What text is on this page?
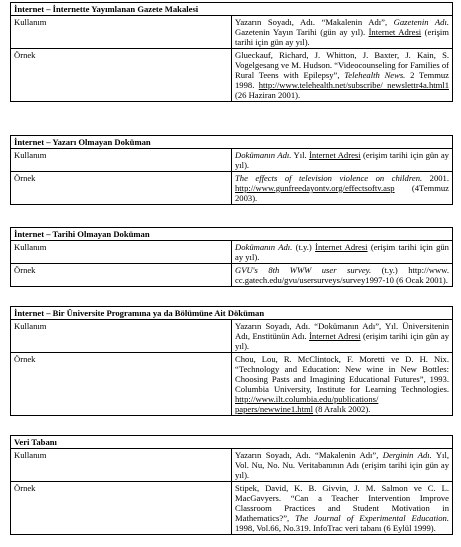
İnternet – İnternette Yayımlanan Gazete Makalesi	
Kullanım	Yazarın Soyadı, Adı. “Makalenin Adı”, Gazetenin Adı. Gazetenin Yayın Tarihi (gün ay yıl). İnternet Adresi (erişim tarihi için gün ay yıl).
Örnek	Glueckauf, Richard, J. Whitton, J. Baxter, J. Kain, S. Vogelgesang ve M. Hudson. “Videocounseling for Families of Rural Teens with Epilepsy”, Telehealth News. 2 Temmuz 1998. http://www.telehealth.net/subscribe/ newslettr4a.html1 (26 Haziran 2001).
İnternet – Yazarı Olmayan Doküman	
Kullanım	Dokümanın Adı. Yıl. İnternet Adresi (erişim tarihi için gün ay yıl).
Örnek	The effects of television violence on children. 2001. http://www.gunfreedayontv.org/effectsoftv.asp (4Temmuz 2003).
İnternet – Tarihi Olmayan Doküman	
Kullanım	Dokümanın Adı. (t.y.) İnternet Adresi (erişim tarihi için gün ay yıl).
Örnek	GVU's 8th WWW user survey. (t.y.) http://www. cc.gatech.edu/gvu/usersurveys/survey1997-10 (6 Ocak 2001).
İnternet – Bir Üniversite Programına ya da Bölümüne Ait Döküman	
Kullanım	Yazarın Soyadı, Adı. “Dokümanın Adı”, Yıl. Üniversitenin Adı, Enstitünün Adı. İnternet Adresi (erişim tarihi için gün ay yıl).
Örnek	Chou, Lou, R. McClintock, F. Moretti ve D. H. Nix. “Technology and Education: New wine in New Bottles: Choosing Pasts and Imagining Educational Futures”, 1993. Columbia University, Institute for Learning Technologies. http://www.ilt.columbia.edu/publications/ papers/newwine1.html (8 Aralık 2002).
Veri Tabanı	
Kullanım	Yazarın Soyadı, Adı. “Makalenin Adı”, Derginin Adı. Yıl, Vol. Nu, No. Nu. Veritabanının Adı (erişim tarihi için gün ay yıl).
Örnek	Stipek, David, K. B. Givvin, J. M. Salmon ve C. L. MacGavyers. “Can a Teacher Intervention Improve Classroom Practices and Student Motivation in Mathematics?”, The Journal of Experimental Education. 1998, Vol.66, No.319. InfoTrac veri tabanı (6 Eylül 1999).
